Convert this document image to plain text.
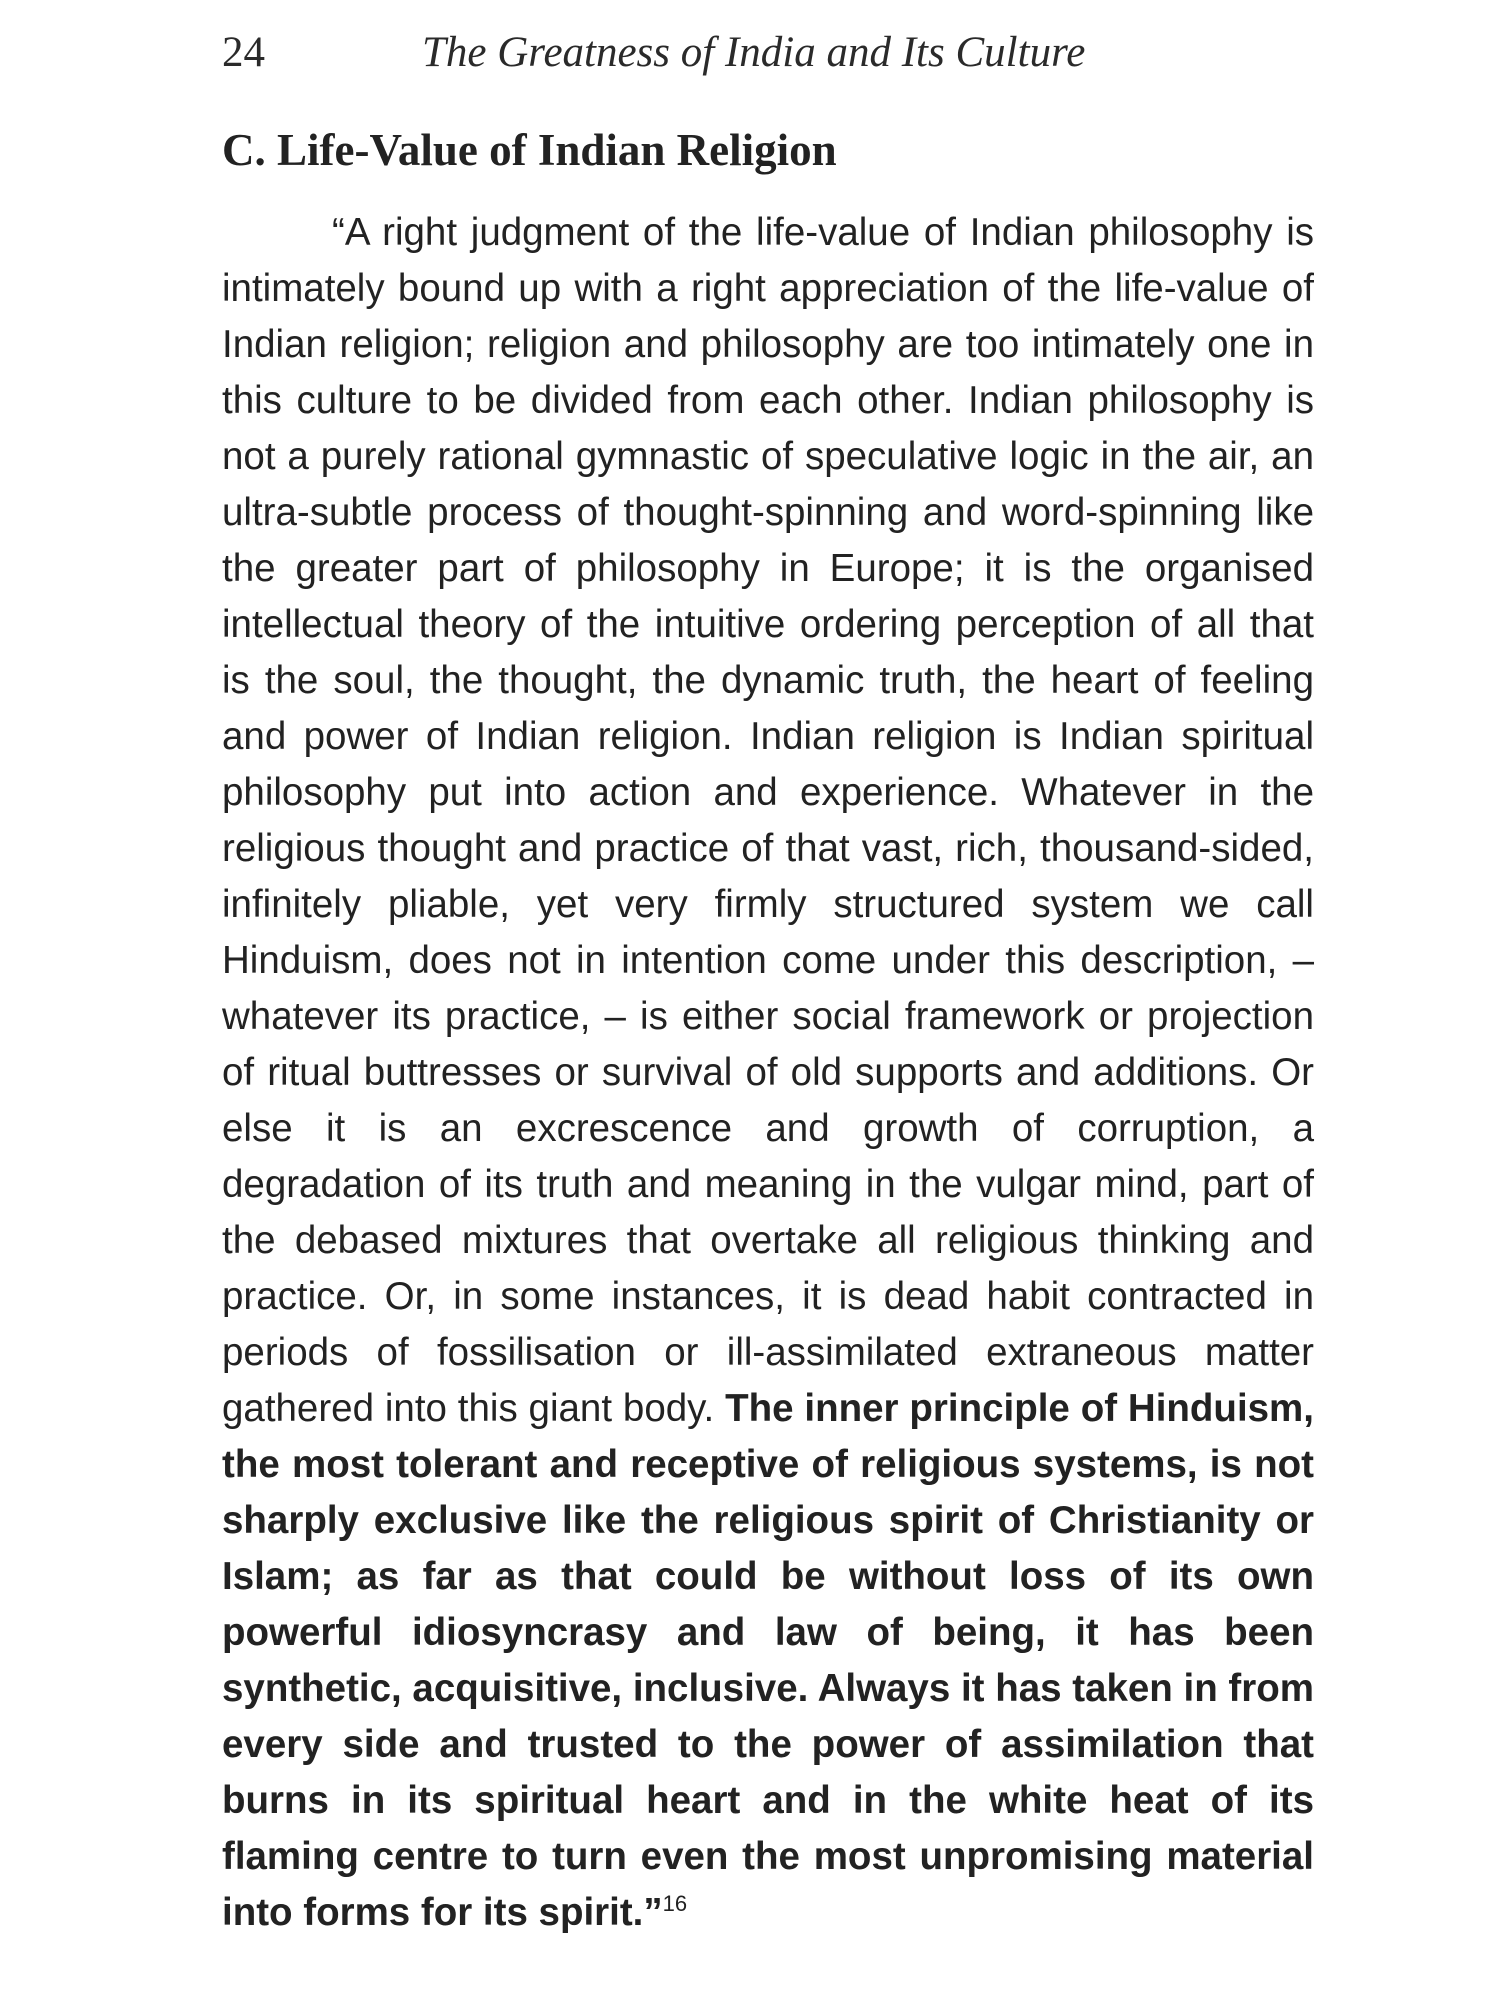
24	The Greatness of India and Its Culture
C. Life-Value of Indian Religion

“A right judgment of the life-value of Indian philosophy is intimately bound up with a right appreciation of the life-value of Indian religion; religion and philosophy are too intimately one in this culture to be divided from each other. Indian philosophy is not a purely rational gymnastic of speculative logic in the air, an ultra-subtle process of thought-spinning and word-spinning like the greater part of philosophy in Europe; it is the organised intellectual theory of the intuitive ordering perception of all that is the soul, the thought, the dynamic truth, the heart of feeling and power of Indian religion. Indian religion is Indian spiritual philosophy put into action and experience. Whatever in the religious thought and practice of that vast, rich, thousand-sided, infinitely pliable, yet very firmly structured system we call Hinduism, does not in intention come under this description, – whatever its practice, – is either social framework or projection of ritual buttresses or survival of old supports and additions. Or else it is an excrescence and growth of corruption, a degradation of its truth and meaning in the vulgar mind, part of the debased mixtures that overtake all religious thinking and practice. Or, in some instances, it is dead habit contracted in periods of fossilisation or ill-assimilated extraneous matter gathered into this giant body. The inner principle of Hinduism, the most tolerant and receptive of religious systems, is not sharply exclusive like the religious spirit of Christianity or Islam; as far as that could be without loss of its own powerful idiosyncrasy and law of being, it has been synthetic, acquisitive, inclusive. Always it has taken in from every side and trusted to the power of assimilation that burns in its spiritual heart and in the white heat of its flaming centre to turn even the most unpromising material into forms for its spirit.”$^{16}$
